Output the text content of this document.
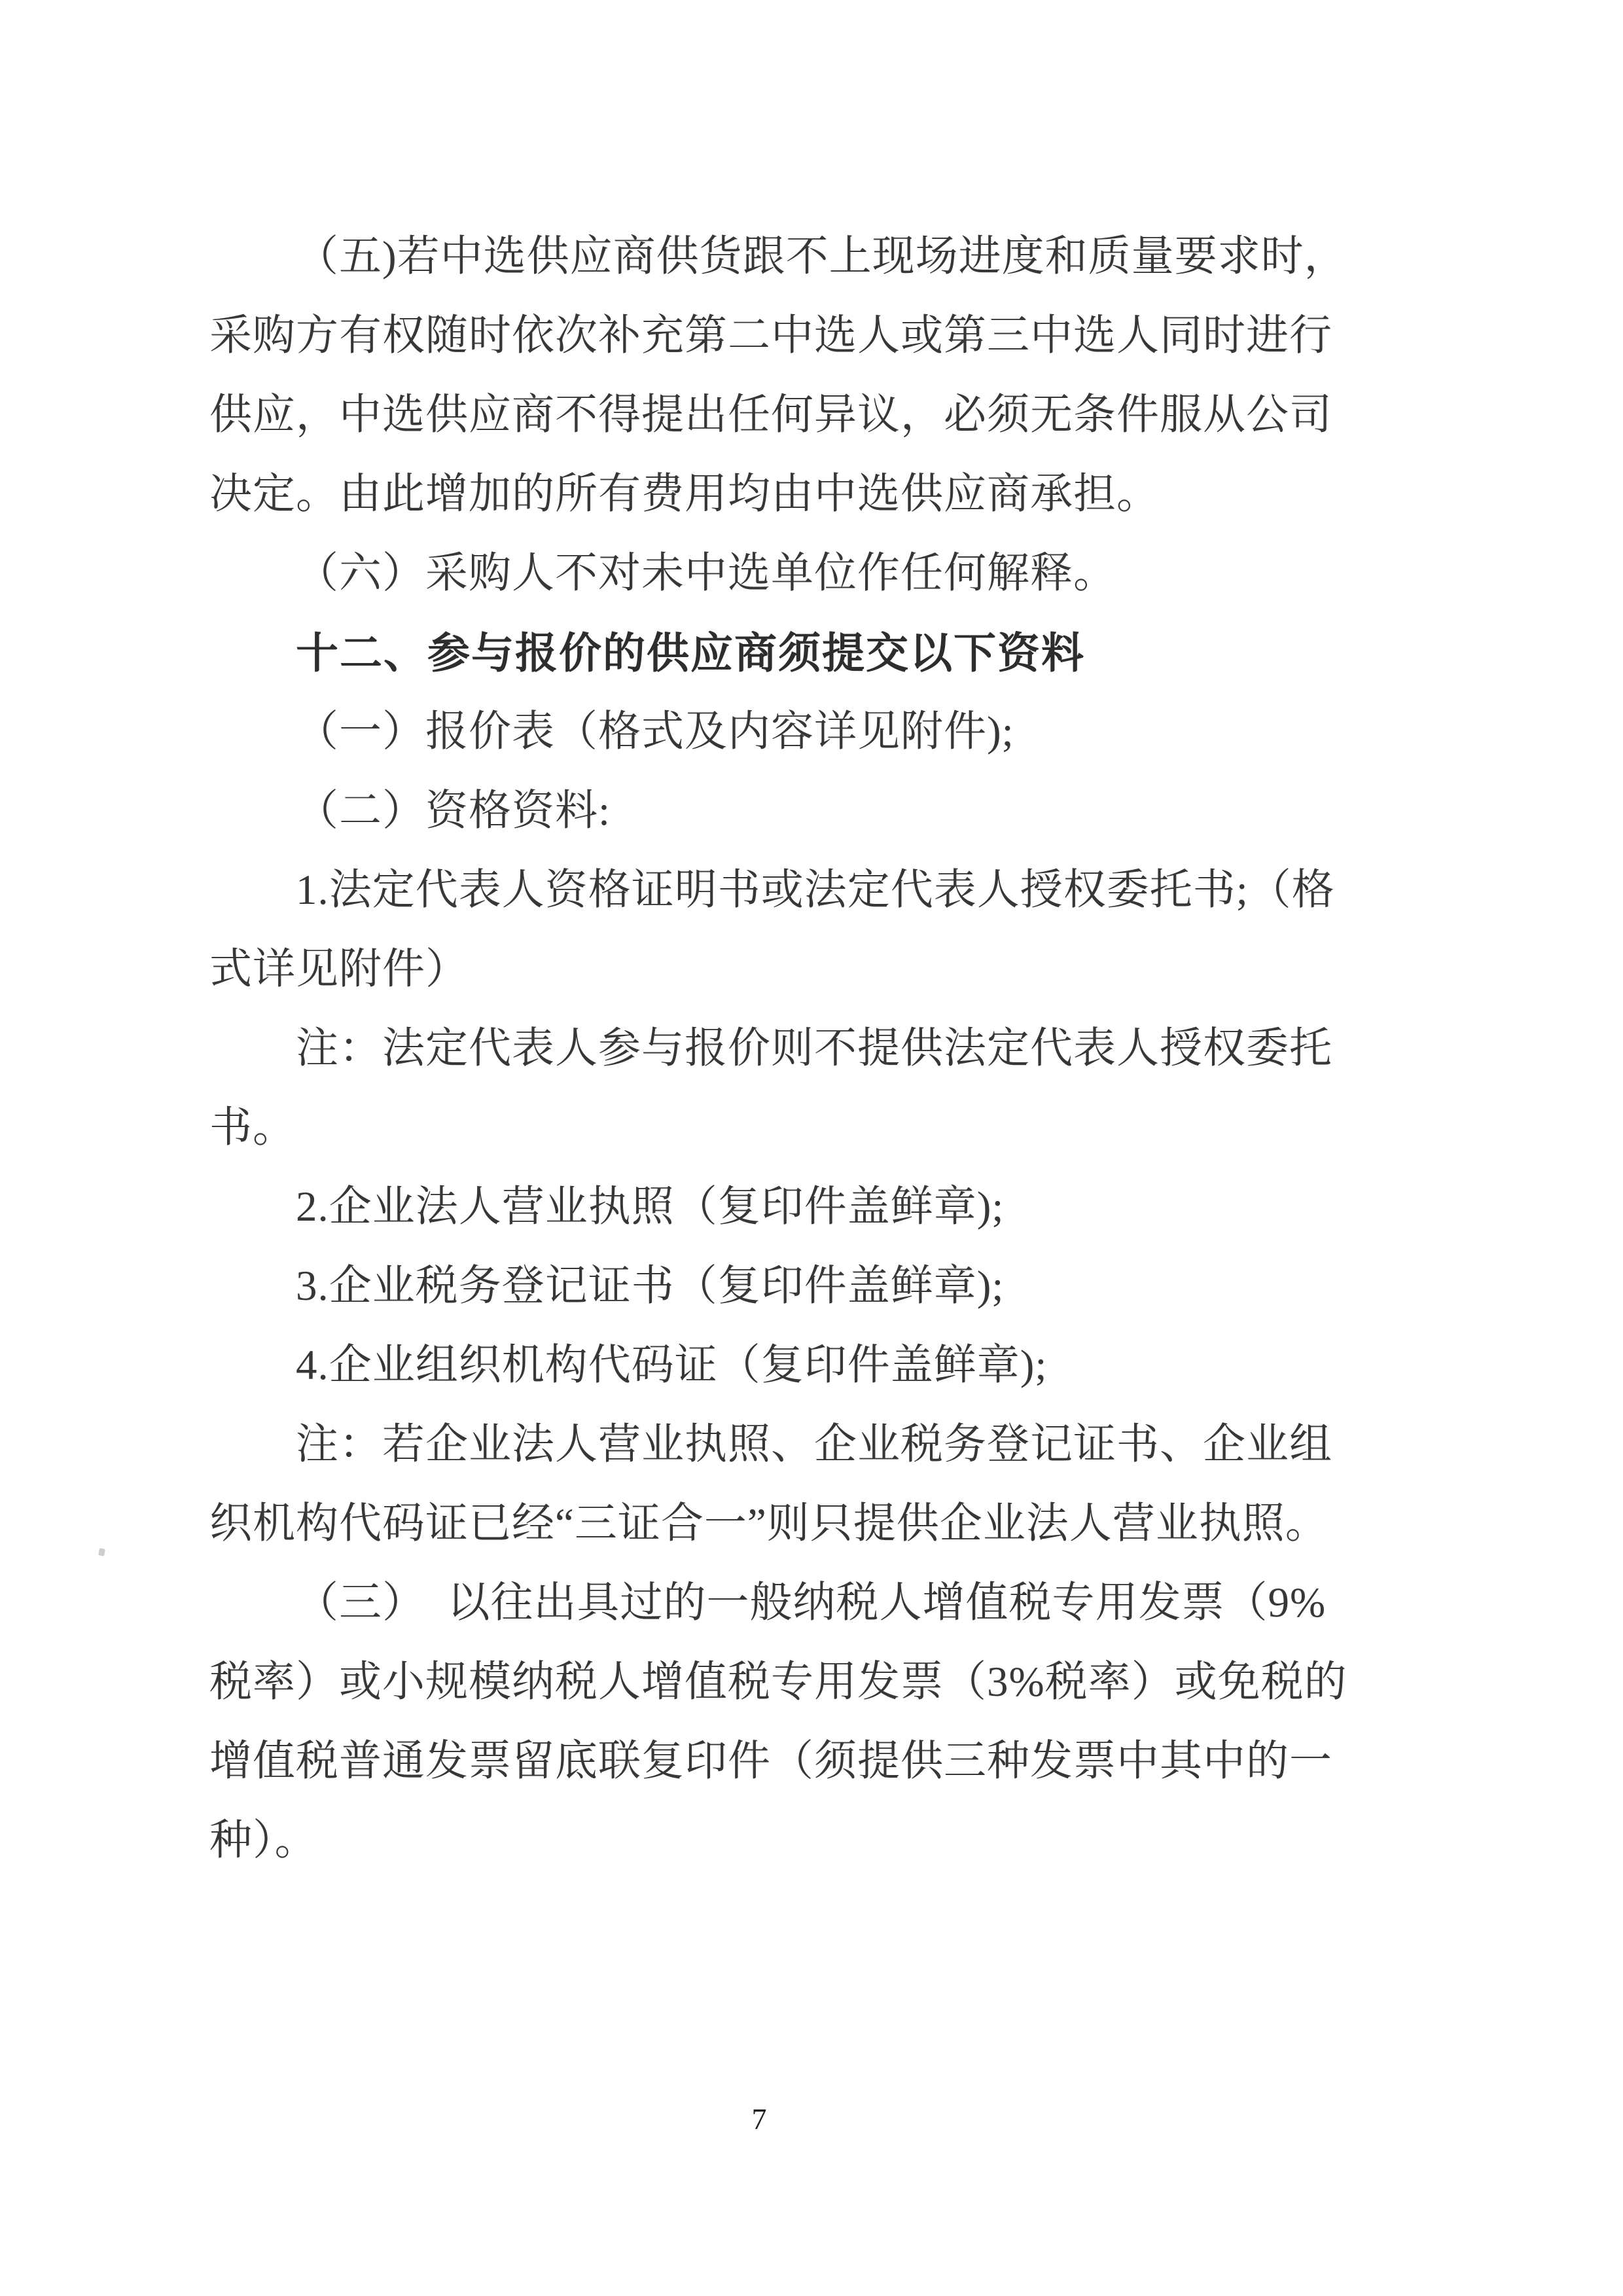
（五)若中选供应商供货跟不上现场进度和质量要求时，
采购方有权随时依次补充第二中选人或第三中选人同时进行
供应，中选供应商不得提出任何异议，必须无条件服从公司
决定。由此增加的所有费用均由中选供应商承担。
（六）采购人不对未中选单位作任何解释。
十二、参与报价的供应商须提交以下资料
（一）报价表（格式及内容详见附件);
（二）资格资料:
1.法定代表人资格证明书或法定代表人授权委托书;（格
式详见附件）
注：法定代表人参与报价则不提供法定代表人授权委托
书。
2.企业法人营业执照（复印件盖鲜章);
3.企业税务登记证书（复印件盖鲜章);
4.企业组织机构代码证（复印件盖鲜章);
注：若企业法人营业执照、企业税务登记证书、企业组
织机构代码证已经“三证合一”则只提供企业法人营业执照。
（三）　以往出具过的一般纳税人增值税专用发票（9%
税率）或小规模纳税人增值税专用发票（3%税率）或免税的
增值税普通发票留底联复印件（须提供三种发票中其中的一
种）。
7
